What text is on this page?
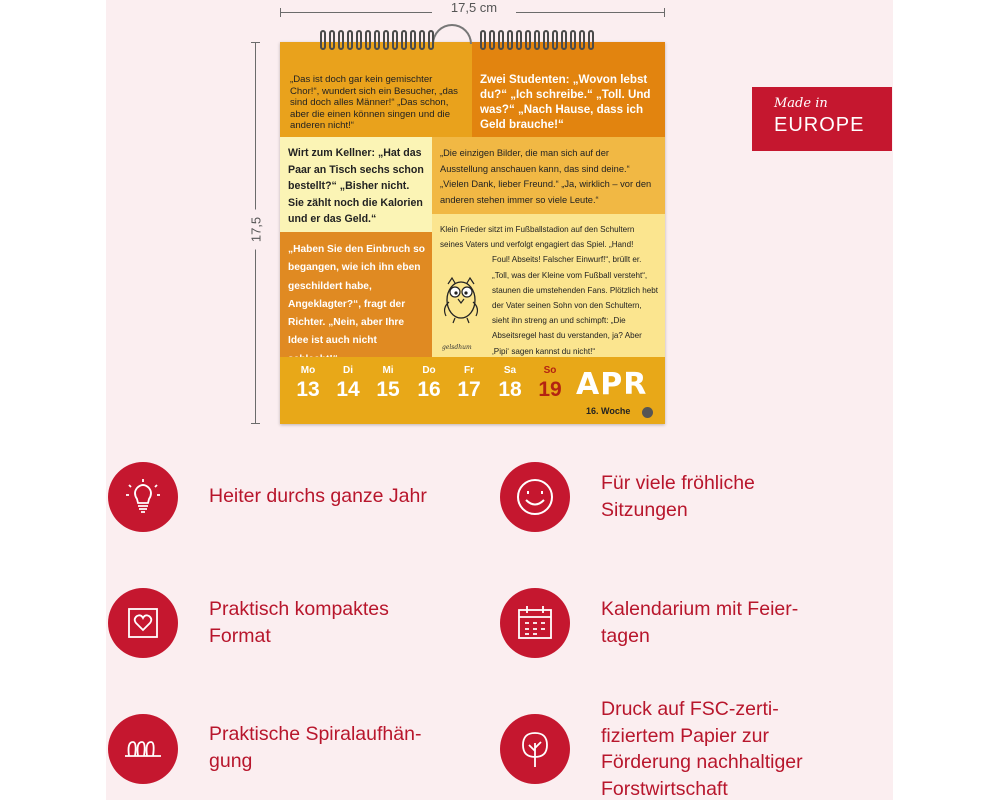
17,5 cm
17,5
„Das ist doch gar kein gemischter Chor!“, wundert sich ein Besucher, „das sind doch alles Männer!“ „Das schon, aber die einen können singen und die anderen nicht!“
Zwei Studenten: „Wovon lebst du?“ „Ich schreibe.“ „Toll. Und was?“ „Nach Hause, dass ich Geld brauche!“
Wirt zum Kellner: „Hat das Paar an Tisch sechs schon bestellt?“ „Bisher nicht. Sie zählt noch die Kalorien und er das Geld.“
„Die einzigen Bilder, die man sich auf der Ausstellung anschauen kann, das sind deine.“ „Vielen Dank, lieber Freund.“ „Ja, wirklich – vor den anderen stehen immer so viele Leute.“
„Haben Sie den Einbruch so begangen, wie ich ihn eben geschildert habe, Angeklagter?“, fragt der Richter. „Nein, aber Ihre Idee ist auch nicht
Klein Frieder sitzt im Fußballstadion auf den Schultern seines Vaters und verfolgt engagiert das Spiel. „Hand!
Foul! Abseits! Falscher Einwurf!“, brüllt er. „Toll, was der Kleine vom Fußball versteht“, staunen die umstehenden Fans. Plötzlich hebt der Vater seinen Sohn von den Schultern, sieht ihn streng an und schimpft: „Die Abseitsregel hast du verstanden, ja? Aber ‚Pipi‘ sagen kannst du nicht!“
gelsdhum
Mo
13
Di
14
Mi
15
Do
16
Fr
17
Sa
18
So
19 APR
16. Woche
Made in
EUROPE
Heiter durchs ganze Jahr
Für viele fröhliche
Sitzungen
Praktisch kompaktes
Format
Kalendarium mit Feier-
tagen
Praktische Spiralaufhän-
gung
Druck auf FSC-zerti-
fiziertem Papier zur
Förderung nachhaltiger
Forstwirtschaft
